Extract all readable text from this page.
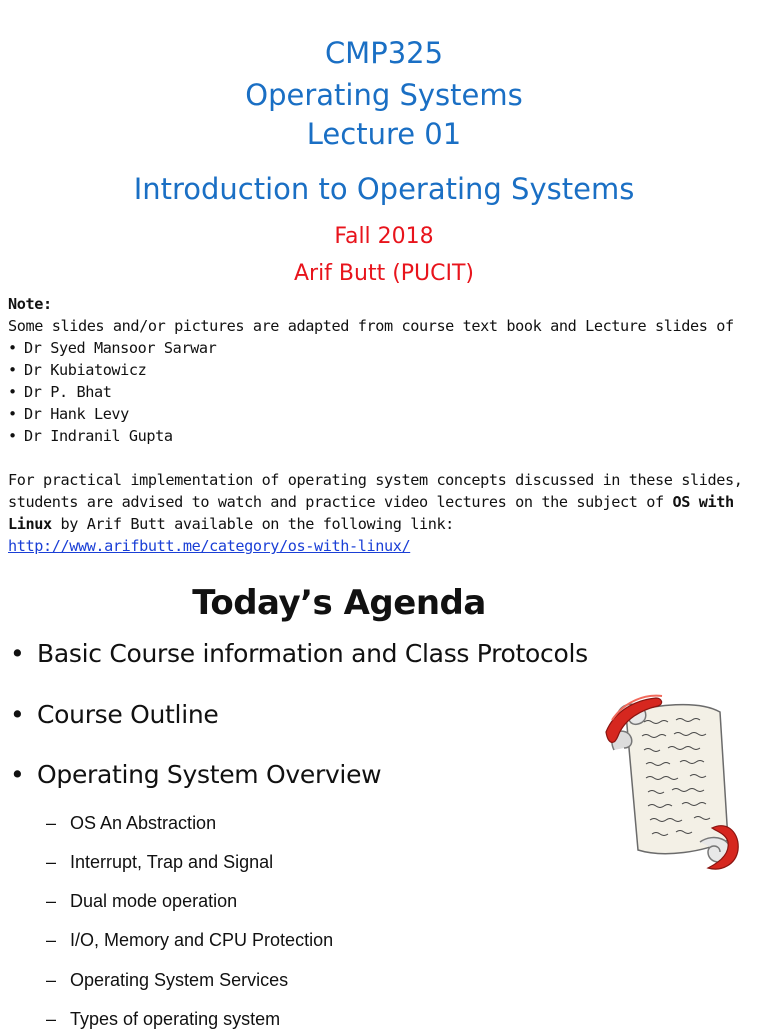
CMP325

Operating Systems

Lecture 01

Introduction to Operating Systems

Fall 2018

Arif Butt (PUCIT)

Note:
Some slides and/or pictures are adapted from course text book and Lecture slides of
• Dr Syed Mansoor Sarwar
• Dr Kubiatowicz
• Dr P. Bhat
• Dr Hank Levy
• Dr Indranil Gupta
For practical implementation of operating system concepts discussed in these slides,
students are advised to watch and practice video lectures on the subject of OS with
Linux by Arif Butt available on the following link:
http://www.arifbutt.me/category/os-with-linux/

Today’s Agenda

• Basic Course information and Class Protocols
• Course Outline
• Operating System Overview
– OS An Abstraction
– Interrupt, Trap and Signal
– Dual mode operation
– I/O, Memory and CPU Protection
– Operating System Services
– Types of operating system
